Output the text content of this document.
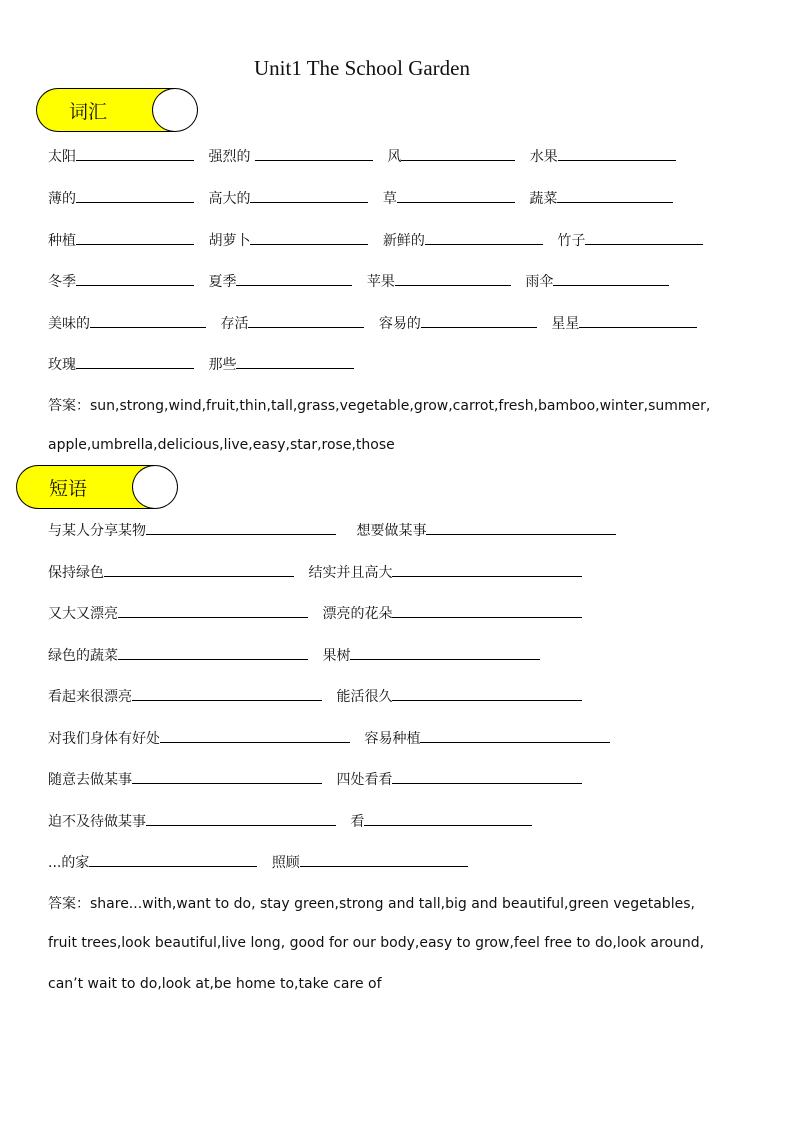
Unit1 The School Garden
词汇
太阳	强烈的	风	水果
薄的	高大的	草	蔬菜
种植	胡萝卜	新鲜的	竹子
冬季	夏季	苹果	雨伞
美味的	存活	容易的	星星
玫瑰	那些
答案：sun,strong,wind,fruit,thin,tall,grass,vegetable,grow,carrot,fresh,bamboo,winter,summer,
apple,umbrella,delicious,live,easy,star,rose,those
短语
与某人分享某物	想要做某事
保持绿色	结实并且高大
又大又漂亮	漂亮的花朵
绿色的蔬菜	果树
看起来很漂亮	能活很久
对我们身体有好处	容易种植
随意去做某事	四处看看
迫不及待做某事	看
...的家	照顾
答案：share...with,want to do, stay green,strong and tall,big and beautiful,green vegetables,
fruit trees,look beautiful,live long, good for our body,easy to grow,feel free to do,look around,
can’t wait to do,look at,be home to,take care of
